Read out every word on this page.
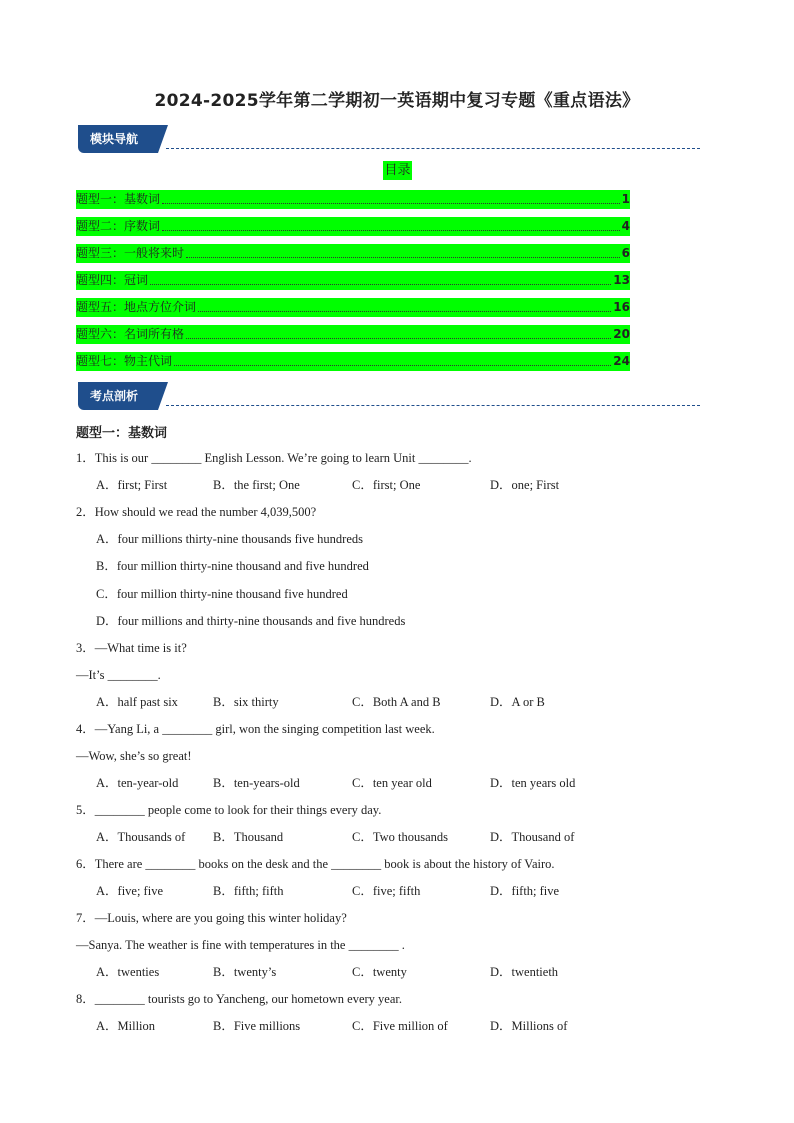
2024-2025学年第二学期初一英语期中复习专题《重点语法》
模块导航
目录
题型一：基数词	1
题型二：序数词	4
题型三：一般将来时	6
题型四：冠词	13
题型五：地点方位介词	16
题型六：名词所有格	20
题型七：物主代词	24
考点剖析
题型一：基数词
1．This is our ________ English Lesson. We’re going to learn Unit ________.
A．first; First	B．the first; One	C．first; One	D．one; First
2．How should we read the number 4,039,500?
A．four millions thirty-nine thousands five hundreds
B．four million thirty-nine thousand and five hundred
C．four million thirty-nine thousand five hundred
D．four millions and thirty-nine thousands and five hundreds
3．—What time is it?
—It’s ________.
A．half past six	B．six thirty	C．Both A and B	D．A or B
4．—Yang Li, a ________ girl, won the singing competition last week.
—Wow, she’s so great!
A．ten-year-old	B．ten-years-old	C．ten year old	D．ten years old
5．________ people come to look for their things every day.
A．Thousands of B．Thousand	C．Two thousands	D．Thousand of
6．There are ________ books on the desk and the ________ book is about the history of Vairo.
A．five; five	B．fifth; fifth	C．five; fifth	D．fifth; five
7．—Louis, where are you going this winter holiday?
—Sanya. The weather is fine with temperatures in the ________ .
A．twenties	B．twenty’s	C．twenty	D．twentieth
8．________ tourists go to Yancheng, our hometown every year.
A．Million	B．Five millions	C．Five million of	D．Millions of
